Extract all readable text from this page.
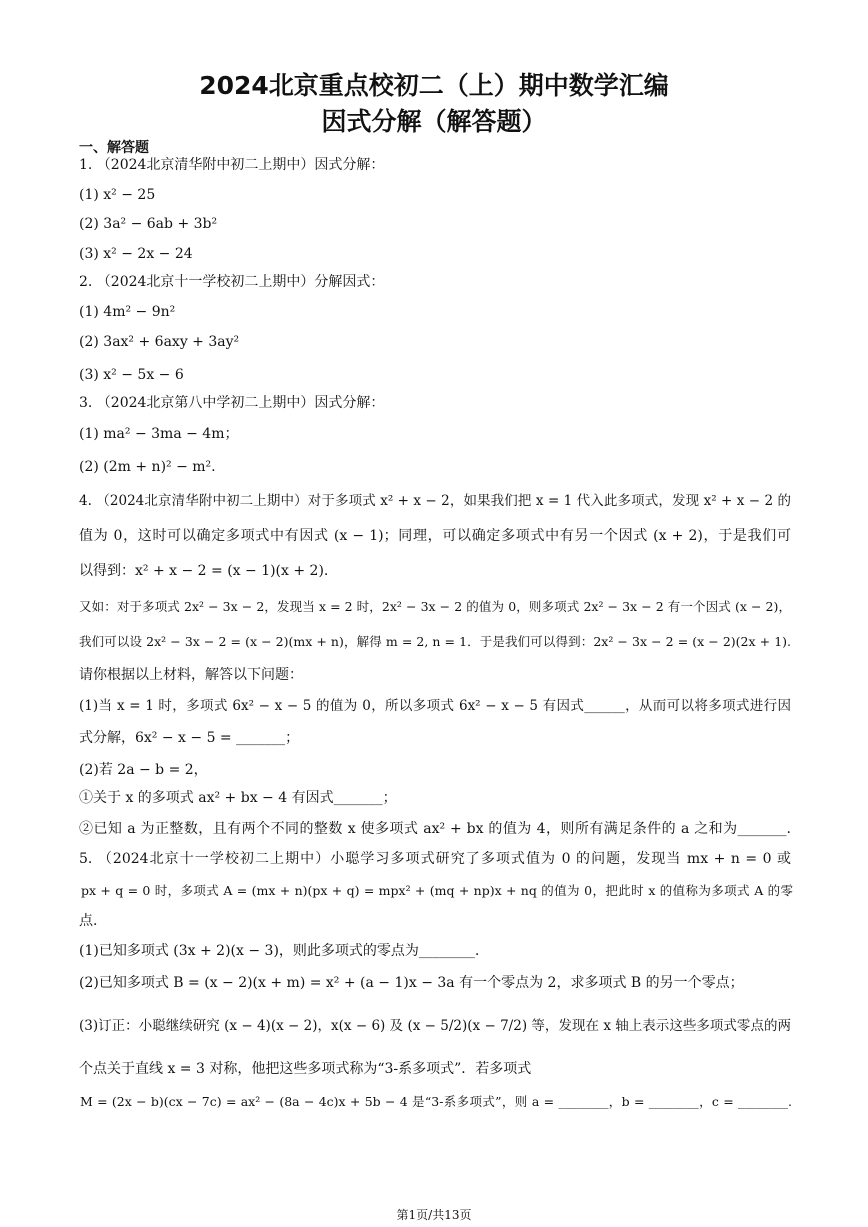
2024北京重点校初二（上）期中数学汇编
因式分解（解答题）
一、解答题
1. （2024北京清华附中初二上期中）因式分解：
(1) x² − 25
(2) 3a² − 6ab + 3b²
(3) x² − 2x − 24
2. （2024北京十一学校初二上期中）分解因式：
(1) 4m² − 9n²
(2) 3ax² + 6axy + 3ay²
(3) x² − 5x − 6
3. （2024北京第八中学初二上期中）因式分解：
(1) ma² − 3ma − 4m；
(2) (2m + n)² − m².
4. （2024北京清华附中初二上期中）对于多项式 x² + x − 2，如果我们把 x = 1 代入此多项式，发现 x² + x − 2 的
值为 0，这时可以确定多项式中有因式 (x − 1)；同理，可以确定多项式中有另一个因式 (x + 2)，于是我们可
以得到：x² + x − 2 = (x − 1)(x + 2).
又如：对于多项式 2x² − 3x − 2，发现当 x = 2 时，2x² − 3x − 2 的值为 0，则多项式 2x² − 3x − 2 有一个因式 (x − 2)，
我们可以设 2x² − 3x − 2 = (x − 2)(mx + n)，解得 m = 2, n = 1．于是我们可以得到：2x² − 3x − 2 = (x − 2)(2x + 1).
请你根据以上材料，解答以下问题：
(1)当 x = 1 时，多项式 6x² − x − 5 的值为 0，所以多项式 6x² − x − 5 有因式______，从而可以将多项式进行因
式分解，6x² − x − 5 = _______；
(2)若 2a − b = 2，
①关于 x 的多项式 ax² + bx − 4 有因式_______；
②已知 a 为正整数，且有两个不同的整数 x 使多项式 ax² + bx 的值为 4，则所有满足条件的 a 之和为_______.
5. （2024北京十一学校初二上期中）小聪学习多项式研究了多项式值为 0 的问题，发现当 mx + n = 0 或
px + q = 0 时，多项式 A = (mx + n)(px + q) = mpx² + (mq + np)x + nq 的值为 0，把此时 x 的值称为多项式 A 的零
点.
(1)已知多项式 (3x + 2)(x − 3)，则此多项式的零点为________.
(2)已知多项式 B = (x − 2)(x + m) = x² + (a − 1)x − 3a 有一个零点为 2，求多项式 B 的另一个零点；
(3)订正：小聪继续研究 (x − 4)(x − 2)，x(x − 6) 及 (x − 5/2)(x − 7/2) 等，发现在 x 轴上表示这些多项式零点的两
个点关于直线 x = 3 对称，他把这些多项式称为“3-系多项式”．若多项式
M = (2x − b)(cx − 7c) = ax² − (8a − 4c)x + 5b − 4 是“3-系多项式”，则 a = ________，b = ________，c = ________.
第1页/共13页
